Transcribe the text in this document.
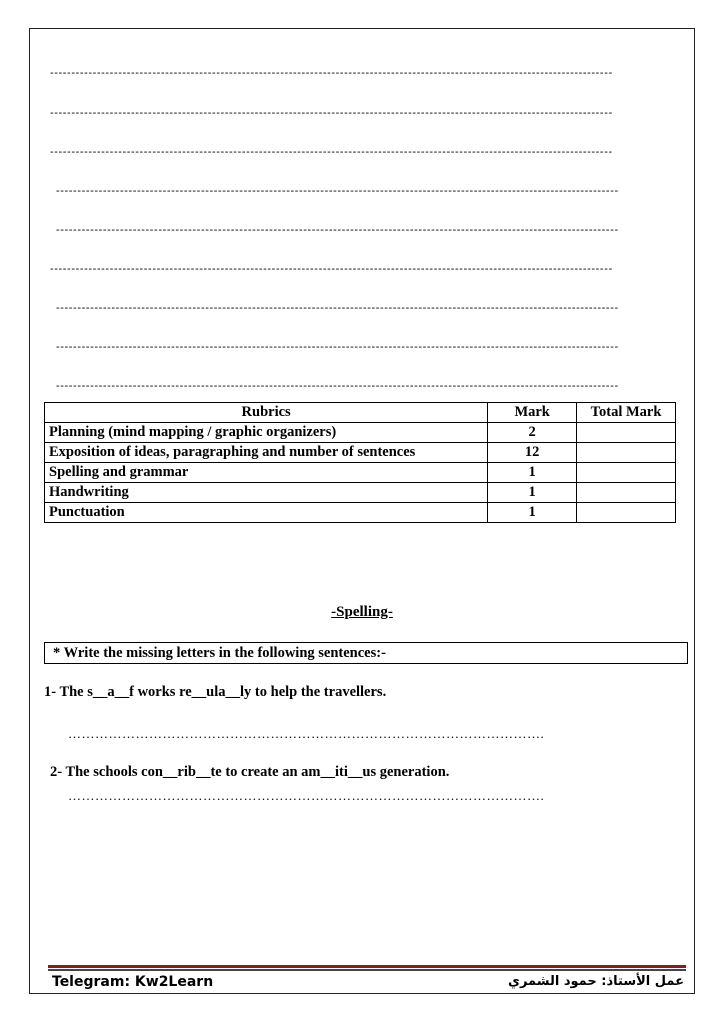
------------------------------------------------------------------------------------------------------------------------------------
------------------------------------------------------------------------------------------------------------------------------------
------------------------------------------------------------------------------------------------------------------------------------
------------------------------------------------------------------------------------------------------------------------------------
------------------------------------------------------------------------------------------------------------------------------------
------------------------------------------------------------------------------------------------------------------------------------
------------------------------------------------------------------------------------------------------------------------------------
------------------------------------------------------------------------------------------------------------------------------------
------------------------------------------------------------------------------------------------------------------------------------
Rubrics	Mark	Total Mark
Planning (mind mapping / graphic organizers)	2	
Exposition of ideas, paragraphing and number of sentences	12	
Spelling and grammar	1	
Handwriting	1	
Punctuation	1	
-Spelling-
* Write the missing letters in the following sentences:-
1- The s__a__f works re__ula__ly to help the travellers.
…………………………………………………………………………………………….
2- The schools con__rib__te to create an am__iti__us generation.
…………………………………………………………………………………………….
Telegram: Kw2Learn	عمل الأستاذ: حمود الشمري
